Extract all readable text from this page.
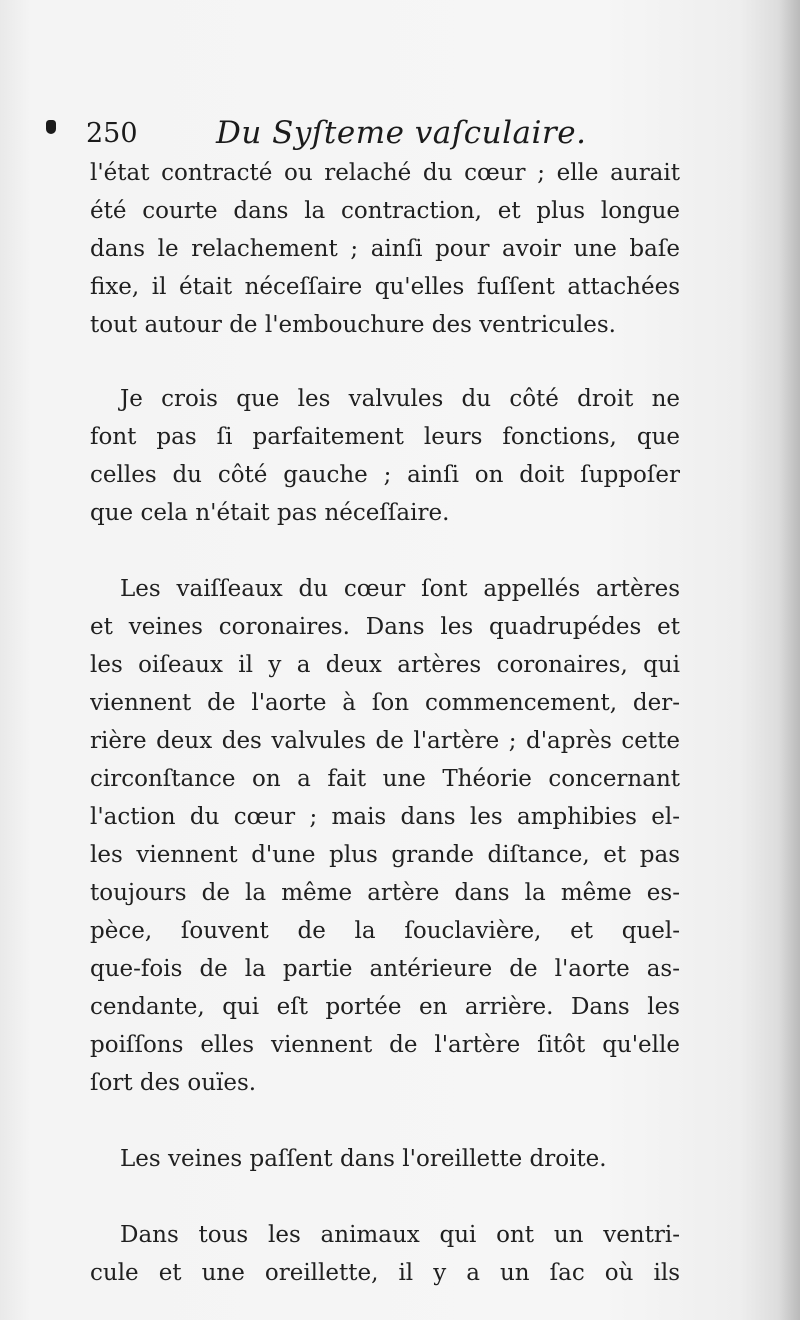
250	Du Syſteme vaſculaire.
l'état contracté ou relaché du cœur ; elle aurait
été courte dans la contraction, et plus longue
dans le relachement ; ainſi pour avoir une baſe
fixe, il était néceſſaire qu'elles fuſſent attachées
tout autour de l'embouchure des ventricules.
Je crois que les valvules du côté droit ne
font pas ſi parfaitement leurs fonctions, que
celles du côté gauche ; ainſi on doit ſuppoſer
que cela n'était pas néceſſaire.
Les vaiſſeaux du cœur ſont appellés artères
et veines coronaires. Dans les quadrupédes et
les oiſeaux il y a deux artères coronaires, qui
viennent de l'aorte à ſon commencement, der-
rière deux des valvules de l'artère ; d'après cette
circonſtance on a fait une Théorie concernant
l'action du cœur ; mais dans les amphibies el-
les viennent d'une plus grande diſtance, et pas
toujours de la même artère dans la même es-
pèce, ſouvent de la ſouclavière, et quel-
que-fois de la partie antérieure de l'aorte as-
cendante, qui eſt portée en arrière. Dans les
poiſſons elles viennent de l'artère ſitôt qu'elle
ſort des ouïes.
Les veines paſſent dans l'oreillette droite.
Dans tous les animaux qui ont un ventri-
cule et une oreillette, il y a un ſac où ils
